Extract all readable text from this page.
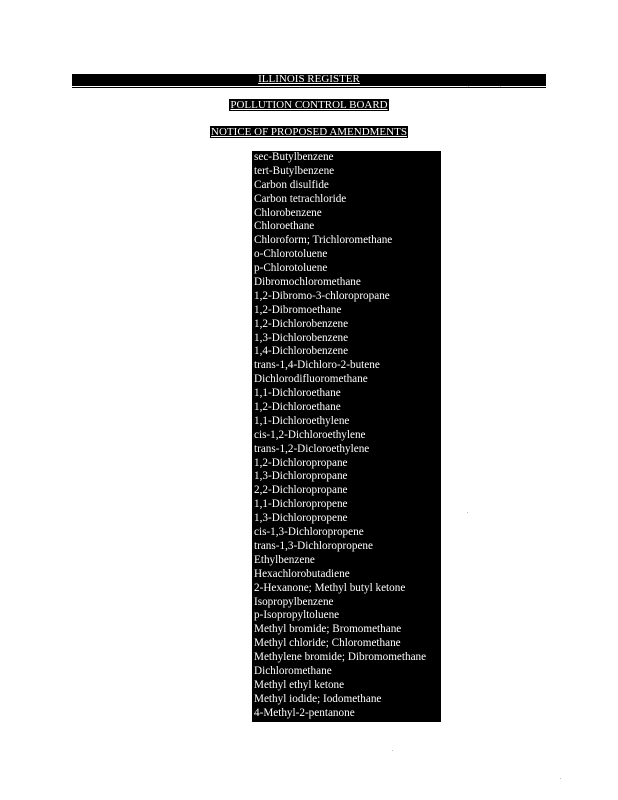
ILLINOIS REGISTER
POLLUTION CONTROL BOARD
NOTICE OF PROPOSED AMENDMENTS
sec-Butylbenzene
tert-Butylbenzene
Carbon disulfide
Carbon tetrachloride
Chlorobenzene
Chloroethane
Chloroform; Trichloromethane
o-Chlorotoluene
p-Chlorotoluene
Dibromochloromethane
1,2-Dibromo-3-chloropropane
1,2-Dibromoethane
1,2-Dichlorobenzene
1,3-Dichlorobenzene
1,4-Dichlorobenzene
trans-1,4-Dichloro-2-butene
Dichlorodifluoromethane
1,1-Dichloroethane
1,2-Dichloroethane
1,1-Dichloroethylene
cis-1,2-Dichloroethylene
trans-1,2-Dicloroethylene
1,2-Dichloropropane
1,3-Dichloropropane
2,2-Dichloropropane
1,1-Dichloropropene
1,3-Dichloropropene
cis-1,3-Dichloropropene
trans-1,3-Dichloropropene
Ethylbenzene
Hexachlorobutadiene
2-Hexanone; Methyl butyl ketone
Isopropylbenzene
p-Isopropyltoluene
Methyl bromide; Bromomethane
Methyl chloride; Chloromethane
Methylene bromide; Dibromomethane
Dichloromethane
Methyl ethyl ketone
Methyl iodide; Iodomethane
4-Methyl-2-pentanone
